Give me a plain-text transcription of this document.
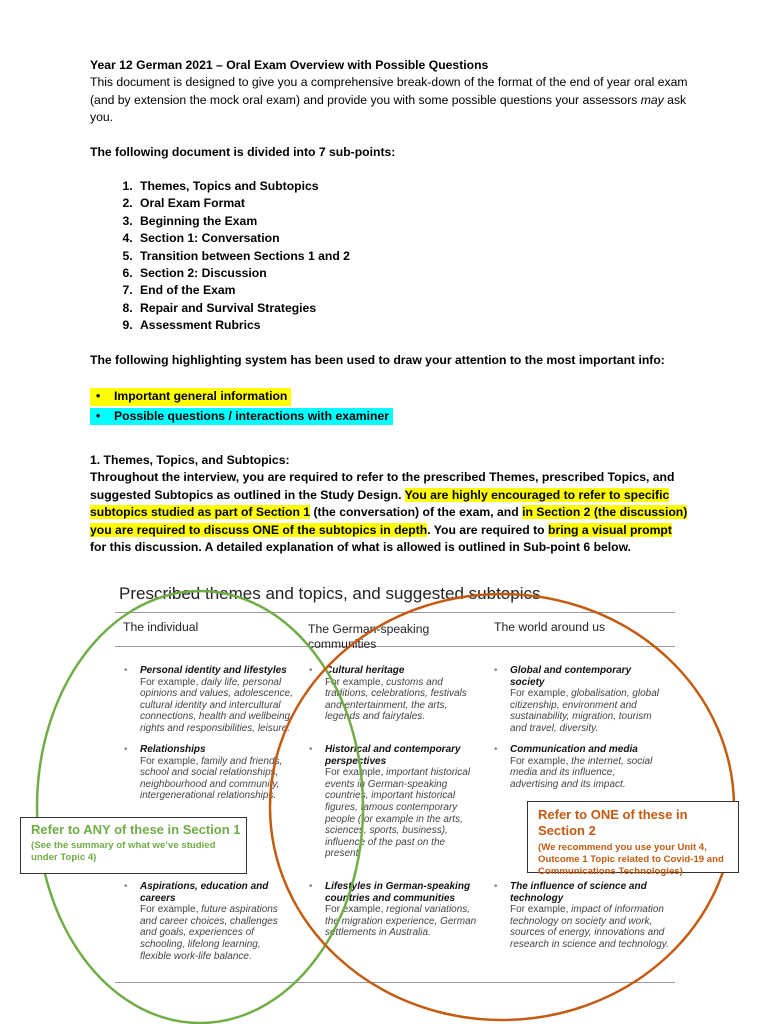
Year 12 German 2021 – Oral Exam Overview with Possible Questions

This document is designed to give you a comprehensive break-down of the format of the end of year oral exam (and by extension the mock oral exam) and provide you with some possible questions your assessors may ask you.

The following document is divided into 7 sub-points:

1. Themes, Topics and Subtopics
2. Oral Exam Format
3. Beginning the Exam
4. Section 1: Conversation
5. Transition between Sections 1 and 2
6. Section 2: Discussion
7. End of the Exam
8. Repair and Survival Strategies
9. Assessment Rubrics

The following highlighting system has been used to draw your attention to the most important info:

• Important general information
• Possible questions / interactions with examiner

1. Themes, Topics, and Subtopics:

Throughout the interview, you are required to refer to the prescribed Themes, prescribed Topics, and suggested Subtopics as outlined in the Study Design. You are highly encouraged to refer to specific subtopics studied as part of Section 1 (the conversation) of the exam, and in Section 2 (the discussion) you are required to discuss ONE of the subtopics in depth. You are required to bring a visual prompt for this discussion. A detailed explanation of what is allowed is outlined in Sub-point 6 below.

Prescribed themes and topics, and suggested subtopics
The individual	The German-speaking communities
The world around us
• Personal identity and lifestyles
For example, daily life, personal opinions and values, adolescence, cultural identity and intercultural connections, health and wellbeing, rights and responsibilities, leisure.
• Relationships
For example, family and friends, school and social relationships, neighbourhood and community, intergenerational relationships.
• Aspirations, education and careers
For example, future aspirations and career choices, challenges and goals, experiences of schooling, lifelong learning, flexible work-life balance.
• Cultural heritage
For example, customs and traditions, celebrations, festivals and entertainment, the arts, legends and fairytales.
• Historical and contemporary perspectives
For example, important historical events in German-speaking countries, important historical figures, famous contemporary people (for example in the arts, sciences, sports, business), influence of the past on the present.
• Lifestyles in German-speaking countries and communities
For example, regional variations, the migration experience, German settlements in Australia.
• Global and contemporary society
For example, globalisation, global citizenship, environment and sustainability, migration, tourism and travel, diversity.
• Communication and media
For example, the internet, social media and its influence, advertising and its impact.
• The influence of science and technology
For example, impact of information technology on society and work, sources of energy, innovations and research in science and technology.
Refer to ANY of these in Section 1
(See the summary of what we’ve studied under Topic 4)
Refer to ONE of these in Section 2
(We recommend you use your Unit 4, Outcome 1 Topic related to Covid-19 and Communications Technologies)
